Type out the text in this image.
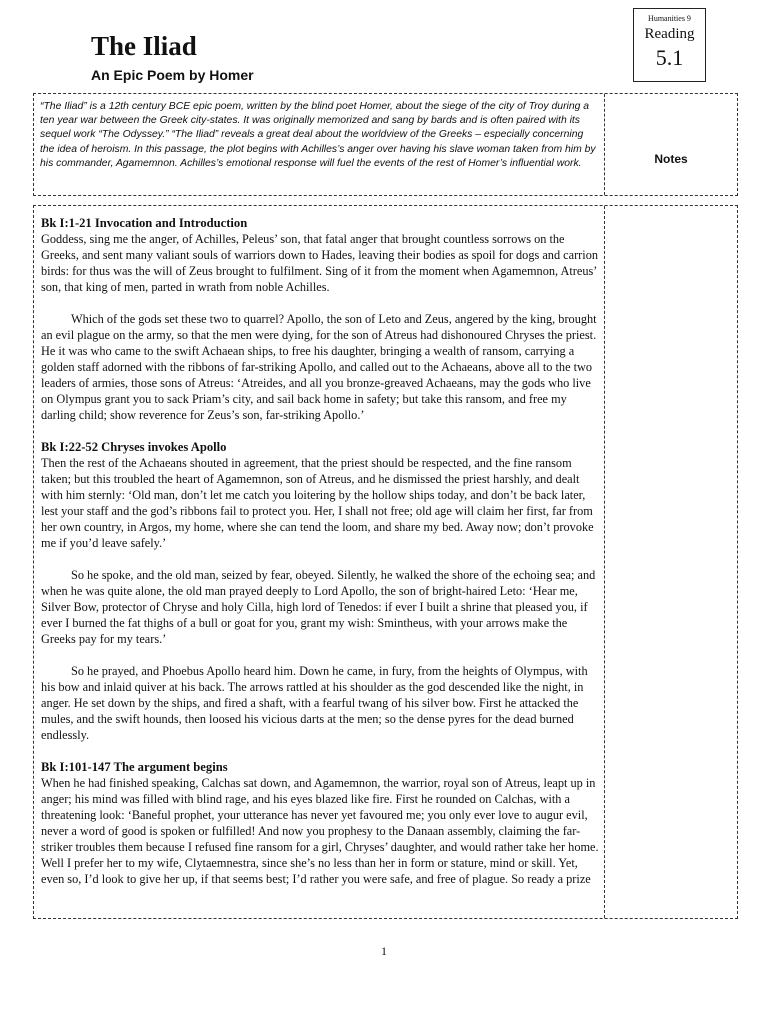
The Iliad
An Epic Poem by Homer
Humanities 9
Reading
5.1
“The Iliad” is a 12th century BCE epic poem, written by the blind poet Homer, about the siege of the city of Troy during a ten year war between the Greek city-states. It was originally memorized and sang by bards and is often paired with its sequel work “The Odyssey.” “The Iliad” reveals a great deal about the worldview of the Greeks – especially concerning the idea of heroism. In this passage, the plot begins with Achilles’s anger over having his slave woman taken from him by his commander, Agamemnon. Achilles’s emotional response will fuel the events of the rest of Homer’s influential work.	Notes
Bk I:1-21 Invocation and Introduction

Goddess, sing me the anger, of Achilles, Peleus’ son, that fatal anger that brought countless sorrows on the Greeks, and sent many valiant souls of warriors down to Hades, leaving their bodies as spoil for dogs and carrion birds: for thus was the will of Zeus brought to fulfilment. Sing of it from the moment when Agamemnon, Atreus’ son, that king of men, parted in wrath from noble Achilles.

Which of the gods set these two to quarrel? Apollo, the son of Leto and Zeus, angered by the king, brought an evil plague on the army, so that the men were dying, for the son of Atreus had dishonoured Chryses the priest. He it was who came to the swift Achaean ships, to free his daughter, bringing a wealth of ransom, carrying a golden staff adorned with the ribbons of far-striking Apollo, and called out to the Achaeans, above all to the two leaders of armies, those sons of Atreus: ‘Atreides, and all you bronze-greaved Achaeans, may the gods who live on Olympus grant you to sack Priam’s city, and sail back home in safety; but take this ransom, and free my darling child; show reverence for Zeus’s son, far-striking Apollo.’

Bk I:22-52 Chryses invokes Apollo

Then the rest of the Achaeans shouted in agreement, that the priest should be respected, and the fine ransom taken; but this troubled the heart of Agamemnon, son of Atreus, and he dismissed the priest harshly, and dealt with him sternly: ‘Old man, don’t let me catch you loitering by the hollow ships today, and don’t be back later, lest your staff and the god’s ribbons fail to protect you. Her, I shall not free; old age will claim her first, far from her own country, in Argos, my home, where she can tend the loom, and share my bed. Away now; don’t provoke me if you’d leave safely.’

So he spoke, and the old man, seized by fear, obeyed. Silently, he walked the shore of the echoing sea; and when he was quite alone, the old man prayed deeply to Lord Apollo, the son of bright-haired Leto: ‘Hear me, Silver Bow, protector of Chryse and holy Cilla, high lord of Tenedos: if ever I built a shrine that pleased you, if ever I burned the fat thighs of a bull or goat for you, grant my wish: Smintheus, with your arrows make the Greeks pay for my tears.’

So he prayed, and Phoebus Apollo heard him. Down he came, in fury, from the heights of Olympus, with his bow and inlaid quiver at his back. The arrows rattled at his shoulder as the god descended like the night, in anger. He set down by the ships, and fired a shaft, with a fearful twang of his silver bow. First he attacked the mules, and the swift hounds, then loosed his vicious darts at the men; so the dense pyres for the dead burned endlessly.

Bk I:101-147 The argument begins

When he had finished speaking, Calchas sat down, and Agamemnon, the warrior, royal son of Atreus, leapt up in anger; his mind was filled with blind rage, and his eyes blazed like fire. First he rounded on Calchas, with a threatening look: ‘Baneful prophet, your utterance has never yet favoured me; you only ever love to augur evil, never a word of good is spoken or fulfilled! And now you prophesy to the Danaan assembly, claiming the far-striker troubles them because I refused fine ransom for a girl, Chryses’ daughter, and would rather take her home. Well I prefer her to my wife, Clytaemnestra, since she’s no less than her in form or stature, mind or skill. Yet, even so, I’d look to give her up, if that seems best; I’d rather you were safe, and free of plague. So ready a prize

1
